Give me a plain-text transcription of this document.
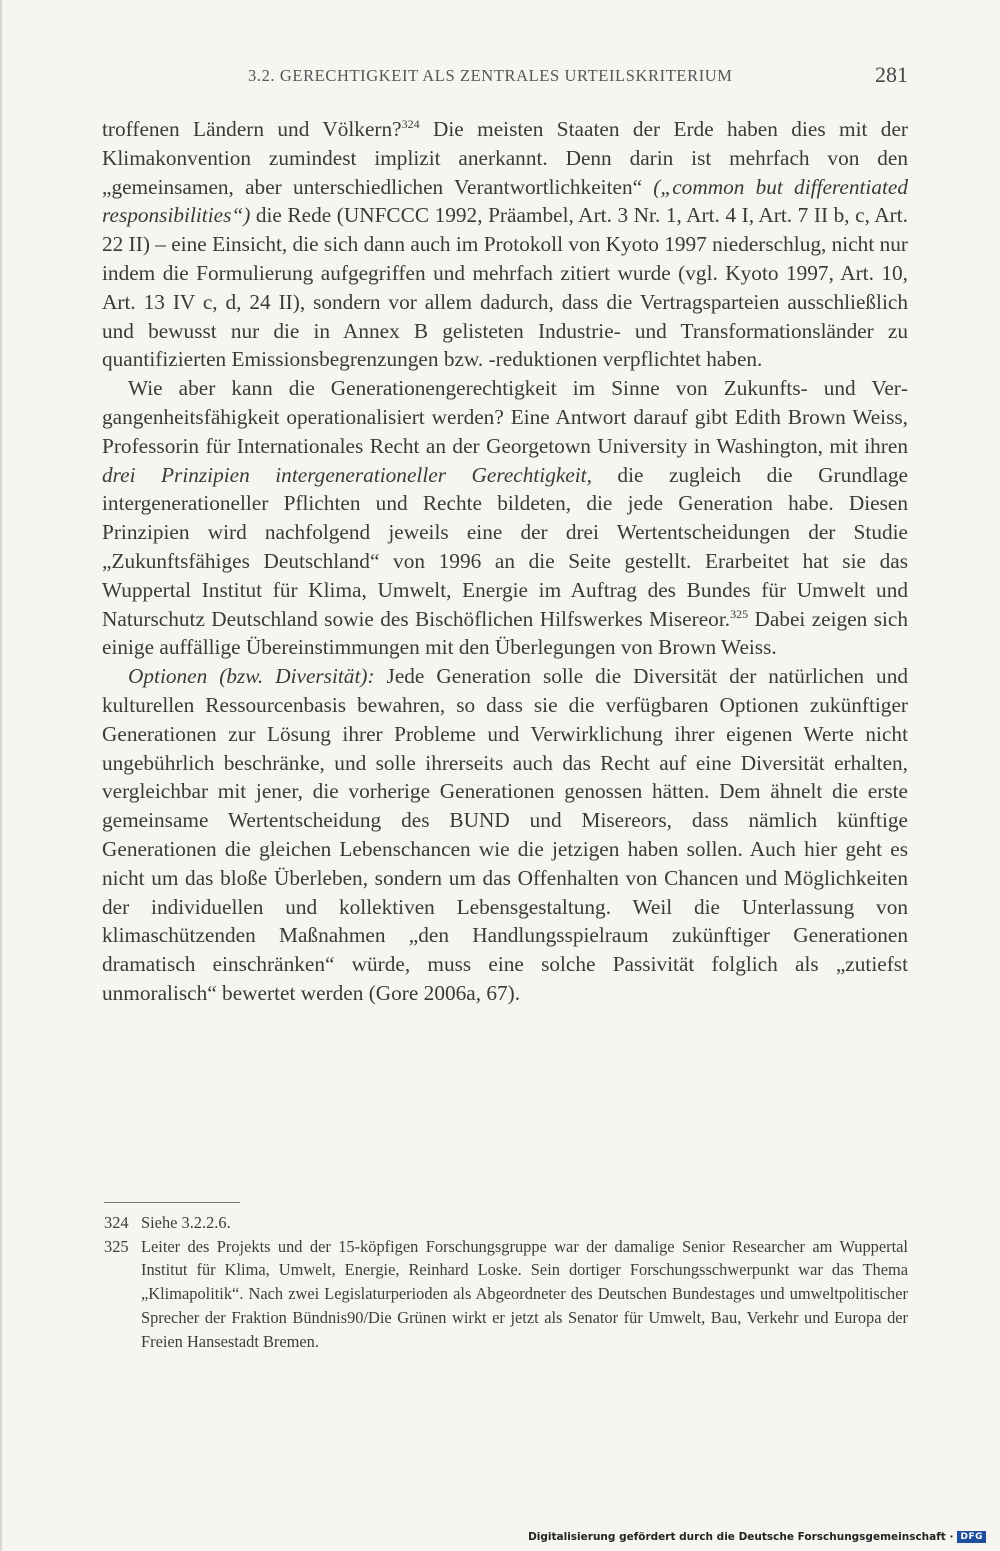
3.2. GERECHTIGKEIT ALS ZENTRALES URTEILSKRITERIUM	281

troffenen Ländern und Völkern?$^{324}$ Die meisten Staaten der Erde haben dies mit der Klimakonvention zumindest implizit anerkannt. Denn darin ist mehrfach von den „gemeinsamen, aber unterschiedlichen Verantwortlichkeiten“ („common but differentiated responsibilities“) die Rede (UNFCCC 1992, Präambel, Art. 3 Nr. 1, Art. 4 I, Art. 7 II b, c, Art. 22 II) – eine Einsicht, die sich dann auch im Protokoll von Kyoto 1997 niederschlug, nicht nur indem die Formulierung aufgegriffen und mehrfach zitiert wurde (vgl. Kyoto 1997, Art. 10, Art. 13 IV c, d, 24 II), sondern vor allem dadurch, dass die Vertragsparteien ausschließlich und bewusst nur die in Annex B gelisteten Industrie- und Transformationsländer zu quantifizierten Emissionsbegrenzungen bzw. -reduktionen verpflichtet haben.

Wie aber kann die Generationengerechtigkeit im Sinne von Zukunfts- und Vergangenheitsfähigkeit operationalisiert werden? Eine Antwort darauf gibt Edith Brown Weiss, Professorin für Internationales Recht an der Georgetown University in Washington, mit ihren drei Prinzipien intergenerationeller Gerechtigkeit, die zugleich die Grundlage intergenerationeller Pflichten und Rechte bildeten, die jede Generation habe. Diesen Prinzipien wird nachfolgend jeweils eine der drei Wertentscheidungen der Studie „Zukunftsfähiges Deutschland“ von 1996 an die Seite gestellt. Erarbeitet hat sie das Wuppertal Institut für Klima, Umwelt, Energie im Auftrag des Bundes für Umwelt und Naturschutz Deutschland sowie des Bischöflichen Hilfswerkes Misereor.$^{325}$ Dabei zeigen sich einige auffällige Übereinstimmungen mit den Überlegungen von Brown Weiss.

Optionen (bzw. Diversität): Jede Generation solle die Diversität der natürlichen und kulturellen Ressourcenbasis bewahren, so dass sie die verfügbaren Optionen zukünftiger Generationen zur Lösung ihrer Probleme und Verwirklichung ihrer eigenen Werte nicht ungebührlich beschränke, und solle ihrerseits auch das Recht auf eine Diversität erhalten, vergleichbar mit jener, die vorherige Generationen genossen hätten. Dem ähnelt die erste gemeinsame Wertentscheidung des BUND und Misereors, dass nämlich künftige Generationen die gleichen Lebenschancen wie die jetzigen haben sollen. Auch hier geht es nicht um das bloße Überleben, sondern um das Offenhalten von Chancen und Möglichkeiten der individuellen und kollektiven Lebensgestaltung. Weil die Unterlassung von klimaschützenden Maßnahmen „den Handlungsspielraum zukünftiger Generationen dramatisch einschränken“ würde, muss eine solche Passivität folglich als „zutiefst unmoralisch“ bewertet werden (Gore 2006a, 67).

324 Siehe 3.2.2.6.
325 Leiter des Projekts und der 15-köpfigen Forschungsgruppe war der damalige Senior Researcher am Wuppertal Institut für Klima, Umwelt, Energie, Reinhard Loske. Sein dortiger Forschungsschwerpunkt war das Thema „Klimapolitik“. Nach zwei Legislaturperioden als Abgeordneter des Deutschen Bundestages und umweltpolitischer Sprecher der Fraktion Bündnis90/Die Grünen wirkt er jetzt als Senator für Umwelt, Bau, Verkehr und Europa der Freien Hansestadt Bremen.
Digitalisierung gefördert durch die Deutsche Forschungsgemeinschaft · DFG
